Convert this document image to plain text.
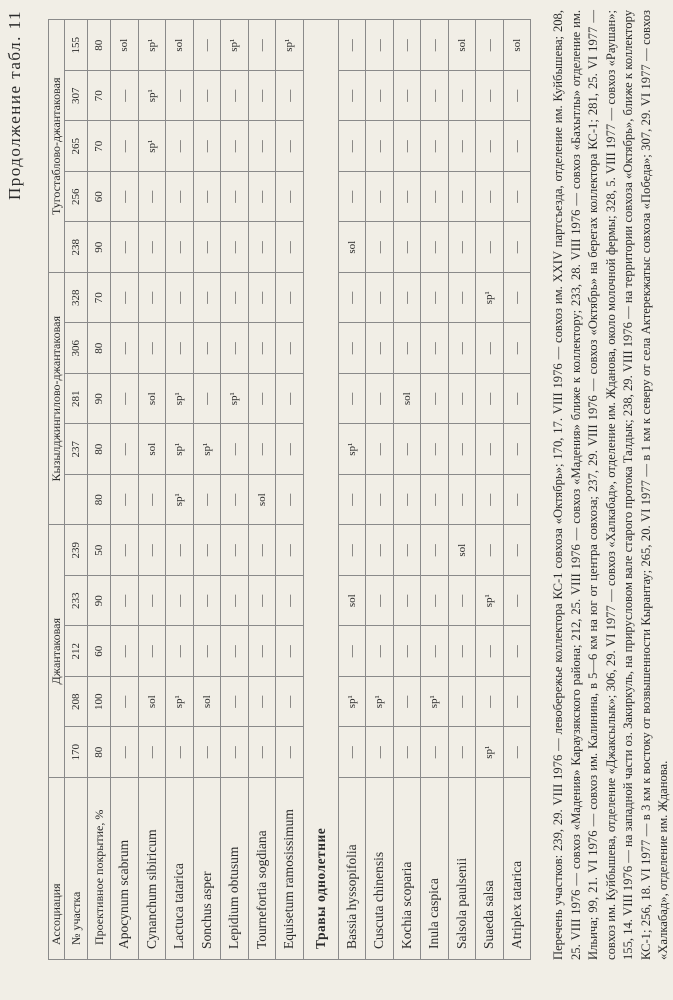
Продолжение табл. 11
Ассоциация	Джантаковая					Кызылджингилово-джантаковая					Тугостаблово-джантаковая				
№ участка	170	208	212	233	239		237	281	306	328	238	256	265	307	155
Проективное покрытие, %	80	100	60	90	50	80	80	90	80	70	90	60	70	70	80
Apocynum scabrum	—	—	—	—	—	—	—	—	—	—	—	—	—	—	sol
Cynanchum sibiricum	—	sol	—	—	—	—	sol	sol	—	—	—	—	sp¹	sp¹	sp¹
Lactuca tatarica	—	sp¹	—	—	—	sp¹	sp¹	sp¹	—	—	—	—	—	—	sol
Sonchus asper	—	sol	—	—	—	—	sp¹	—	—	—	—	—	—	—	—
Lepidium obtusum	—	—	—	—	—	—	—	sp¹	—	—	—	—	—	—	sp¹
Tournefortia sogdiana	—	—	—	—	—	sol	—	—	—	—	—	—	—	—	—
Equisetum ramosissimum	—	—	—	—	—	—	—	—	—	—	—	—	—	—	sp¹
Травы однолетние															
Bassia hyssopifolia	—	sp¹	—	sol	—	—	sp¹	—	—	—	sol	—	—	—	—
Cuscuta chinensis	—	sp¹	—	—	—	—	—	—	—	—	—	—	—	—	—
Kochia scoparia	—	—	—	—	—	—	—	sol	—	—	—	—	—	—	—
Inula caspica	—	sp¹	—	—	—	—	—	—	—	—	—	—	—	—	—
Salsola paulsenii	—	—	—	—	sol	—	—	—	—	—	—	—	—	—	sol
Suaeda salsa	sp¹	—	—	sp¹	—	—	—	—	—	sp¹	—	—	—	—	—
Atriplex tatarica	—	—	—	—	—	—	—	—	—	—	—	—	—	—	sol Перечень участков: 239, 29. VIII 1976 — левобережье коллектора КС-1 совхоза «Октябрь»; 170, 17. VIII 1976 — совхоз им. XXIV партсъезда, отделение им. Куйбышева; 208, 25. VIII 1976 — совхоз «Мадения» Караузякского района; 212, 25. VIII 1976 — совхоз «Мадения» ближе к коллектору; 233, 28. VIII 1976 — совхоз «Бахытлы» отделение им. Ильича; 99, 21. VI 1976 — совхоз им. Калинина, в 5—6 км на юг от центра совхоза; 237, 29. VIII 1976 — совхоз «Октябрь» на берегах коллектора КС-1; 281, 25. VI 1977 — совхоз им. Куйбышева, отделение «Джаксылык»; 306, 29. VI 1977 — совхоз «Халкабад», отделение им. Жданова, около молочной фермы; 328, 5. VIII 1977 — совхоз «Раушан»; 155, 14. VIII 1976 — на западной части оз. Закиркуль, на прирусловом вале старого протока Талдык; 238, 29. VIII 1976 — на территории совхоза «Октябрь», ближе к коллектору КС-1; 256, 18. VI 1977 — в 3 км к востоку от возвышенности Кырантау; 265, 20. VI 1977 — в 1 км к северу от села Актерекжатыс совхоза «Победа»; 307, 29. VI 1977 — совхоз «Халкабад», отделение им. Жданова.
